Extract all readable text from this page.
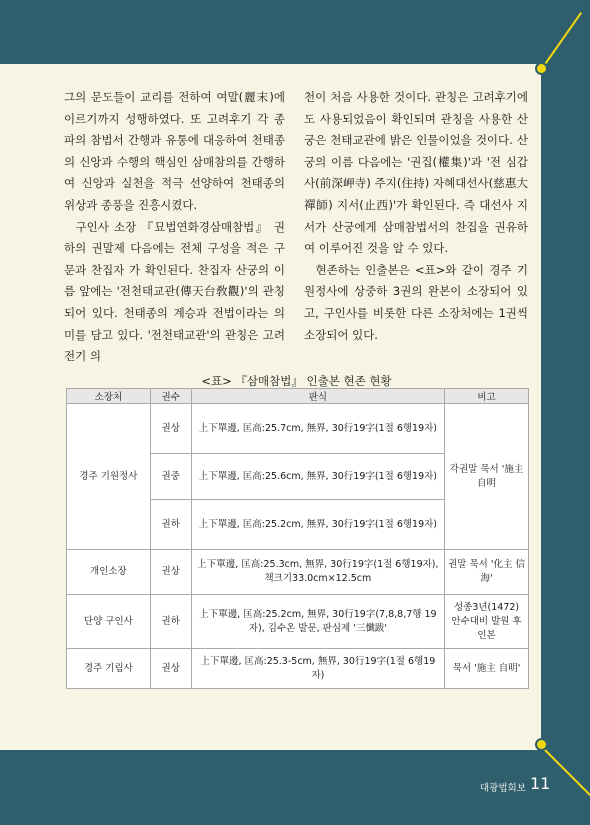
그의 문도들이 교리를 전하여 여말(麗末)에 이르기까지 성행하였다. 또 고려후기 각 종파의 참법서 간행과 유통에 대응하여 천태종의 신앙과 수행의 핵심인 삼매참의를 간행하여 신앙과 실천을 적극 선양하여 천태종의 위상과 종풍을 진흥시켰다.

구인사 소장 『묘법연화경삼매참법』 권하의 권말제 다음에는 전체 구성을 적은 구문과 찬집자 가 확인된다. 찬집자 산궁의 이름 앞에는 '전천태교관(傳天台敎觀)'의 관칭되어 있다. 천태종의 계승과 전법이라는 의미를 담고 있다. '전천태교관'의 관칭은 고려전기 의

천이 처음 사용한 것이다. 관칭은 고려후기에도 사용되었음이 확인되며 관칭을 사용한 산궁은 천태교관에 밝은 인물이었을 것이다. 산궁의 이름 다음에는 '권집(權集)'과 '전 심갑사(前深岬寺) 주지(住持) 자혜대선사(慈惠大禪師) 지서(止西)'가 확인된다. 즉 대선사 지서가 산궁에게 삼매참법서의 찬집을 권유하여 이루어진 것을 알 수 있다.

현존하는 인출본은 <표>와 같이 경주 기원정사에 상중하 3권의 완본이 소장되어 있고, 구인사를 비롯한 다른 소장처에는 1권씩 소장되어 있다.

<표> 『삼매참법』 인출본 현존 현황
소장처	권수	판식	비고
경주 기원정사	권상	上下單邊, 匡高:25.7cm, 無界, 30行19字(1절 6행19자)	각권말 묵서 '施主 自明
	권중	上下單邊, 匡高:25.6cm, 無界, 30行19字(1절 6행19자)	
	권하	上下單邊, 匡高:25.2cm, 無界, 30行19字(1절 6행19자)	
개인소장	권상	上下單邊, 匡高:25.3cm, 無界, 30行19字(1절 6행19자), 책크기33.0cm×12.5cm	권말 묵서 '化主 信海'
단양 구인사	권하	上下單邊, 匡高:25.2cm, 無界, 30行19字(7,8,8,7행 19자), 김수온 발문, 판심제 '三懺跋'	성종3년(1472) 안수대비 발원 후인본
경주 기림사	권상	上下單邊, 匡高:25.3-5cm, 無界, 30行19字(1절 6행19자)	묵서 '施主 自明'
대광법회보 11
